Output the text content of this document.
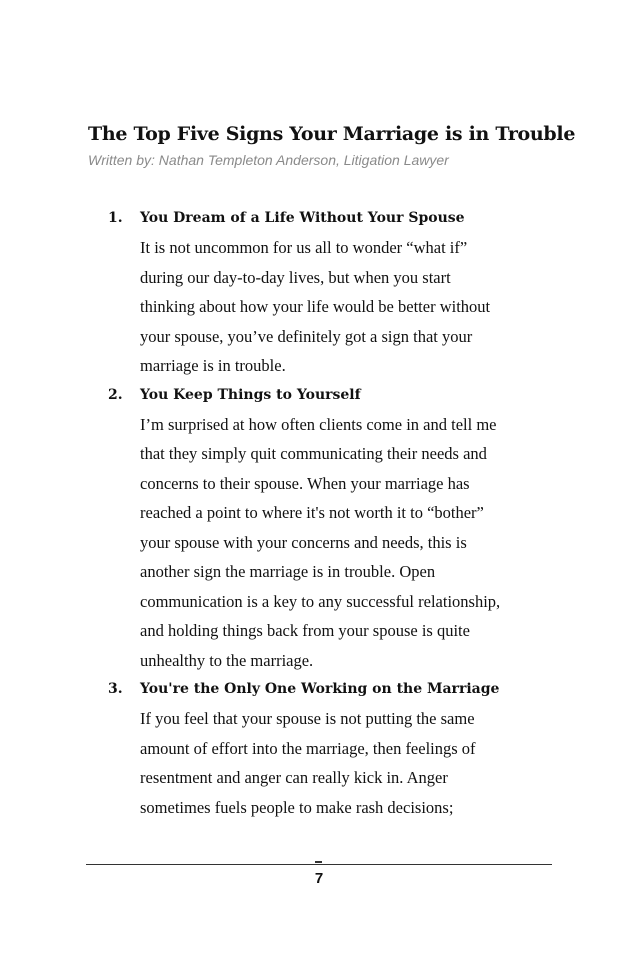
The Top Five Signs Your Marriage is in Trouble

Written by: Nathan Templeton Anderson, Litigation Lawyer

1. You Dream of a Life Without Your Spouse
It is not uncommon for us all to wonder “what if”
during our day-to-day lives, but when you start
thinking about how your life would be better without
your spouse, you’ve definitely got a sign that your
marriage is in trouble.
2. You Keep Things to Yourself
I’m surprised at how often clients come in and tell me
that they simply quit communicating their needs and
concerns to their spouse. When your marriage has
reached a point to where it's not worth it to “bother”
your spouse with your concerns and needs, this is
another sign the marriage is in trouble. Open
communication is a key to any successful relationship,
and holding things back from your spouse is quite
unhealthy to the marriage.
3. You're the Only One Working on the Marriage
If you feel that your spouse is not putting the same
amount of effort into the marriage, then feelings of
resentment and anger can really kick in. Anger
sometimes fuels people to make rash decisions;
7
